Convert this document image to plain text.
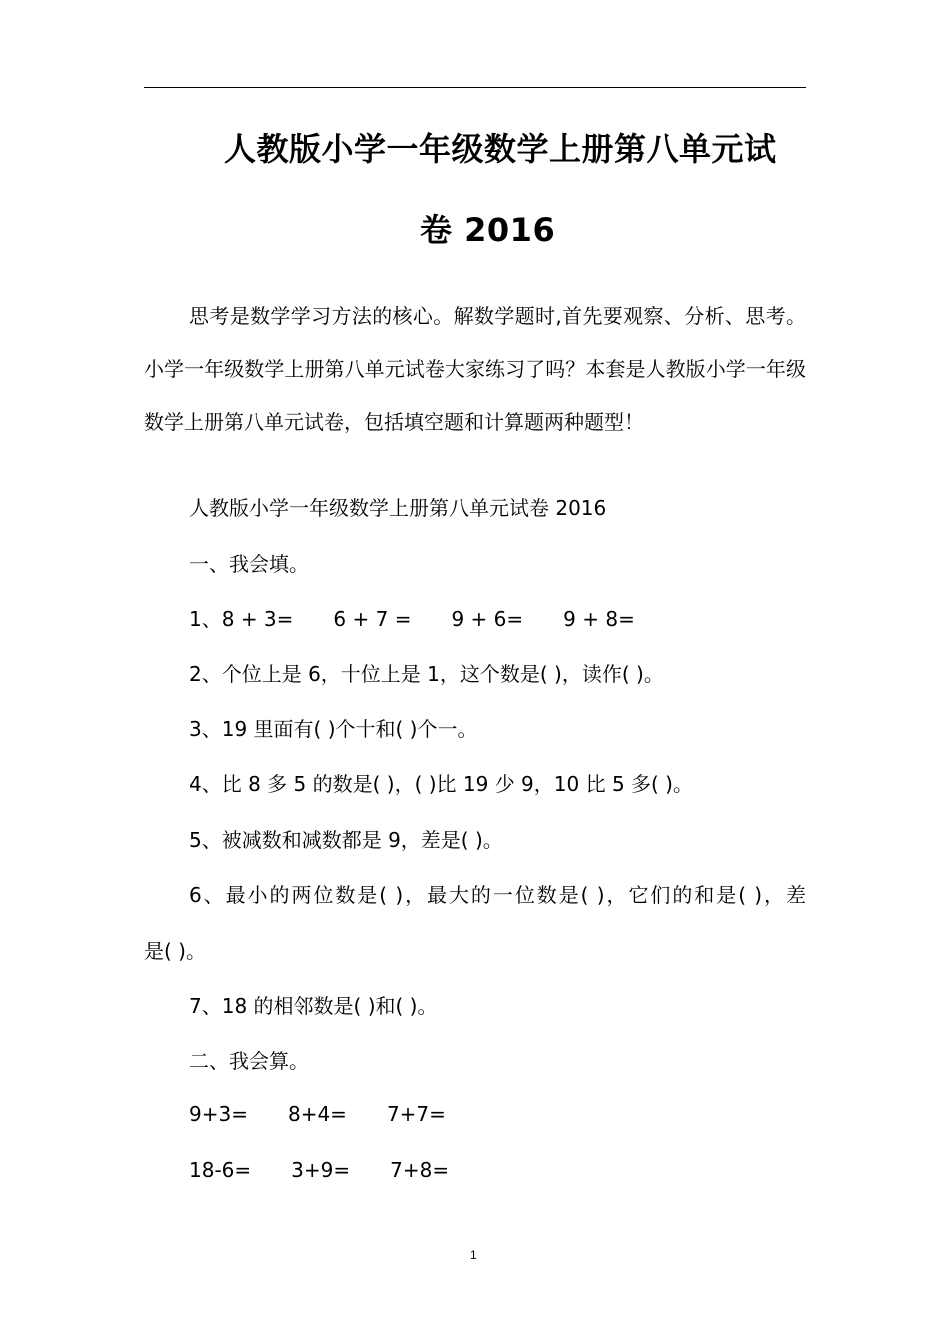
人教版小学一年级数学上册第八单元试
卷 2016

思考是数学学习方法的核心。解数学题时,首先要观察、分析、思考。小学一年级数学上册第八单元试卷大家练习了吗？本套是人教版小学一年级数学上册第八单元试卷，包括填空题和计算题两种题型！

人教版小学一年级数学上册第八单元试卷 2016
一、我会填。
1、8 + 3= 6 + 7 = 9 + 6= 9 + 8=
2、个位上是 6，十位上是 1，这个数是( )，读作( )。
3、19 里面有( )个十和( )个一。
4、比 8 多 5 的数是( )，( )比 19 少 9，10 比 5 多( )。
5、被减数和减数都是 9，差是( )。
6、最小的两位数是( )，最大的一位数是( )，它们的和是( )，差
是( )。
7、18 的相邻数是( )和( )。
二、我会算。
9+3= 8+4= 7+7=
18-6= 3+9= 7+8=
1
